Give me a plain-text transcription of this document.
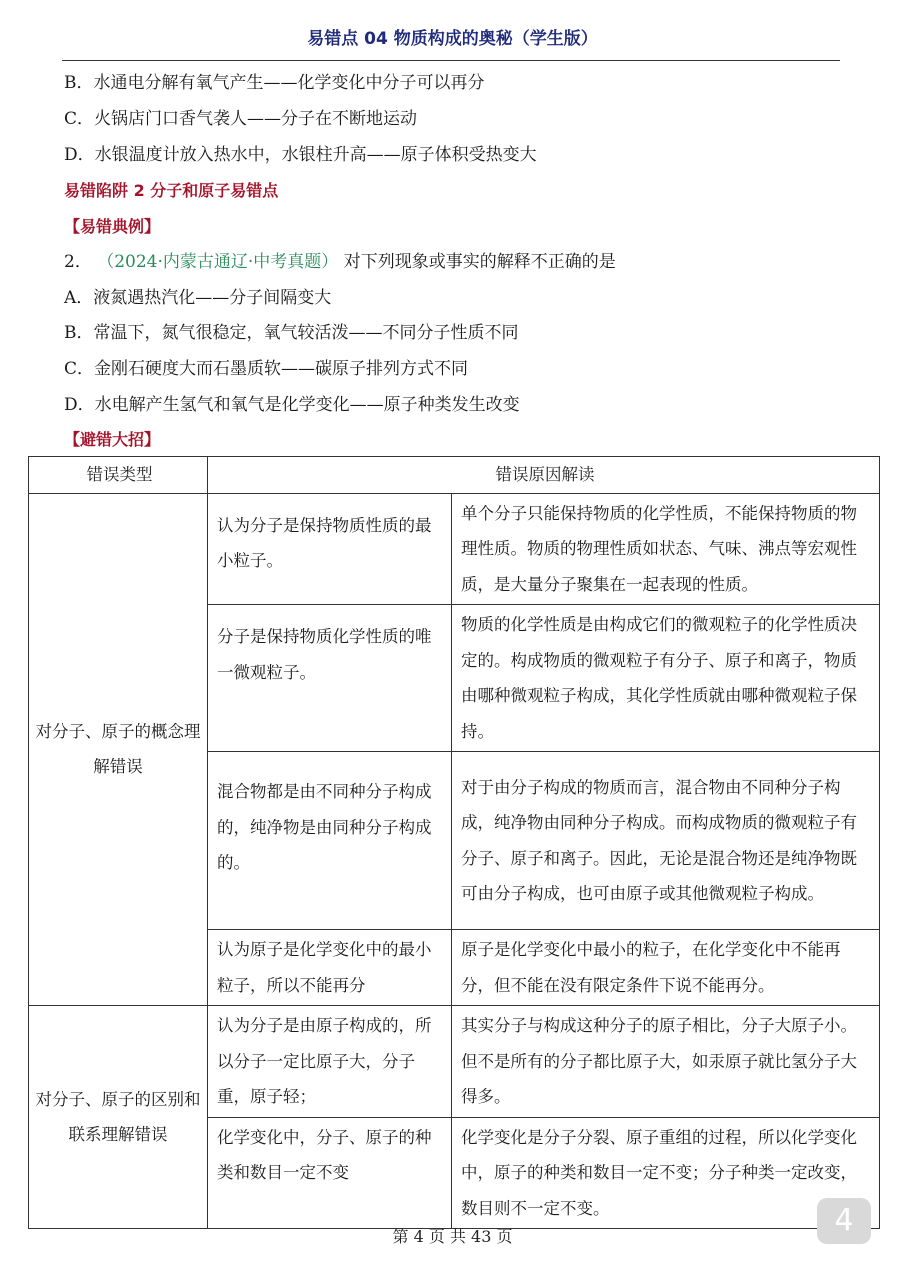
易错点 04 物质构成的奥秘（学生版）
B．水通电分解有氧气产生——化学变化中分子可以再分
C．火锅店门口香气袭人——分子在不断地运动
D．水银温度计放入热水中，水银柱升高——原子体积受热变大
易错陷阱 2 分子和原子易错点
【易错典例】
2． （2024·内蒙古通辽·中考真题） 对下列现象或事实的解释不正确的是
A．液氮遇热汽化——分子间隔变大
B．常温下，氮气很稳定，氧气较活泼——不同分子性质不同
C．金刚石硬度大而石墨质软——碳原子排列方式不同
D．水电解产生氢气和氧气是化学变化——原子种类发生改变
【避错大招】
错误类型	错误原因解读	
对分子、原子的概念理解错误	认为分子是保持物质性质的最小粒子。	单个分子只能保持物质的化学性质，不能保持物质的物理性质。物质的物理性质如状态、气味、沸点等宏观性质，是大量分子聚集在一起表现的性质。
	分子是保持物质化学性质的唯一微观粒子。	物质的化学性质是由构成它们的微观粒子的化学性质决定的。构成物质的微观粒子有分子、原子和离子，物质由哪种微观粒子构成，其化学性质就由哪种微观粒子保持。
	混合物都是由不同种分子构成的，纯净物是由同种分子构成的。	对于由分子构成的物质而言，混合物由不同种分子构成，纯净物由同种分子构成。而构成物质的微观粒子有分子、原子和离子。因此，无论是混合物还是纯净物既可由分子构成，也可由原子或其他微观粒子构成。
	认为原子是化学变化中的最小粒子，所以不能再分	原子是化学变化中最小的粒子，在化学变化中不能再分，但不能在没有限定条件下说不能再分。
对分子、原子的区别和联系理解错误	认为分子是由原子构成的，所以分子一定比原子大，分子重，原子轻；	其实分子与构成这种分子的原子相比，分子大原子小。但不是所有的分子都比原子大，如汞原子就比氢分子大得多。
	化学变化中，分子、原子的种类和数目一定不变	化学变化是分子分裂、原子重组的过程，所以化学变化中，原子的种类和数目一定不变；分子种类一定改变，数目则不一定不变。
第 4 页 共 43 页	4
